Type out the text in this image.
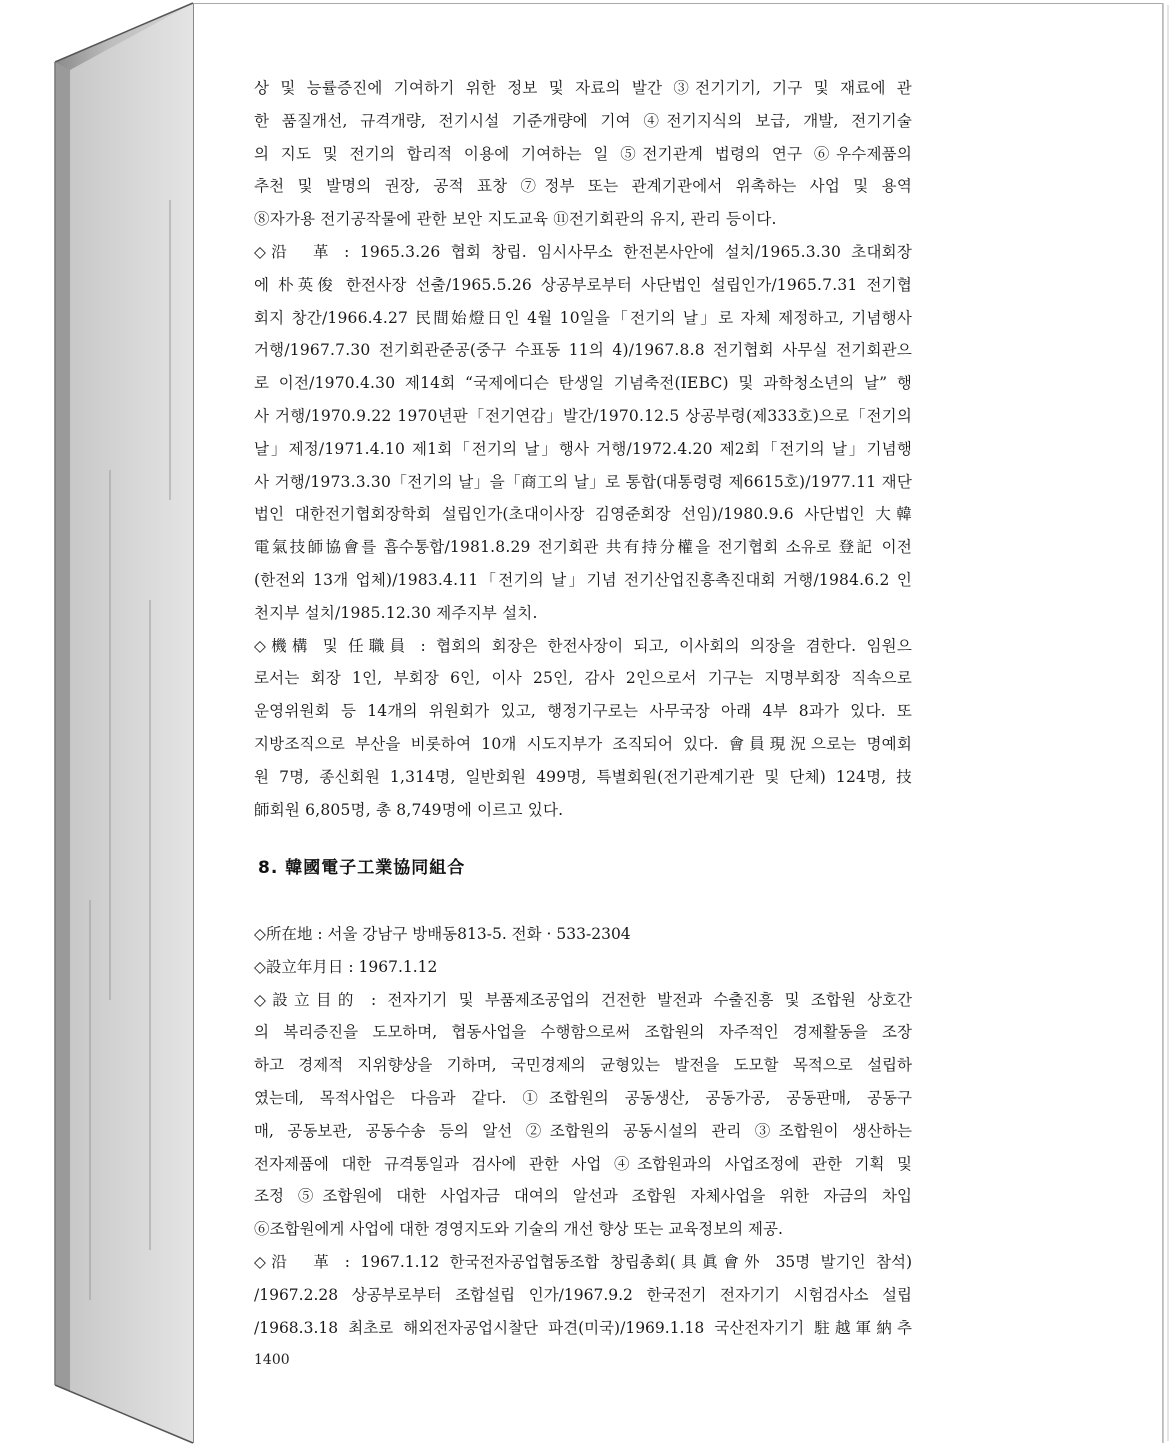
상 및 능률증진에 기여하기 위한 정보 및 자료의 발간 ③전기기기, 기구 및 재료에 관
한 품질개선, 규격개량, 전기시설 기준개량에 기여 ④전기지식의 보급, 개발, 전기기술
의 지도 및 전기의 합리적 이용에 기여하는 일 ⑤전기관계 법령의 연구 ⑥우수제품의
추천 및 발명의 권장, 공적 표창 ⑦정부 또는 관계기관에서 위촉하는 사업 및 용역
⑧자가용 전기공작물에 관한 보안 지도교육 ⑪전기회관의 유지, 관리 등이다.
◇沿　革 : 1965.3.26 협회 창립. 임시사무소 한전본사안에 설치/1965.3.30 초대회장
에 朴英俊 한전사장 선출/1965.5.26 상공부로부터 사단법인 설립인가/1965.7.31 전기협
회지 창간/1966.4.27 民間始燈日인 4월 10일을「전기의 날」로 자체 제정하고, 기념행사
거행/1967.7.30 전기회관준공(중구 수표동 11의 4)/1967.8.8 전기협회 사무실 전기회관으
로 이전/1970.4.30 제14회 “국제에디슨 탄생일 기념축전(IEBC) 및 과학청소년의 날” 행
사 거행/1970.9.22 1970년판「전기연감」발간/1970.12.5 상공부령(제333호)으로「전기의
날」제정/1971.4.10 제1회「전기의 날」행사 거행/1972.4.20 제2회「전기의 날」기념행
사 거행/1973.3.30「전기의 날」을「商工의 날」로 통합(대통령령 제6615호)/1977.11 재단
법인 대한전기협회장학회 설립인가(초대이사장 김영준회장 선임)/1980.9.6 사단법인 大韓
電氣技師協會를 흡수통합/1981.8.29 전기회관 共有持分權을 전기협회 소유로 登記 이전
(한전외 13개 업체)/1983.4.11「전기의 날」기념 전기산업진흥촉진대회 거행/1984.6.2 인
천지부 설치/1985.12.30 제주지부 설치.
◇機構 및 任職員 : 협회의 회장은 한전사장이 되고, 이사회의 의장을 겸한다. 임원으
로서는 회장 1인, 부회장 6인, 이사 25인, 감사 2인으로서 기구는 지명부회장 직속으로
운영위원회 등 14개의 위원회가 있고, 행정기구로는 사무국장 아래 4부 8과가 있다. 또
지방조직으로 부산을 비롯하여 10개 시도지부가 조직되어 있다. 會員現況으로는 명예회
원 7명, 종신회원 1,314명, 일반회원 499명, 특별회원(전기관계기관 및 단체) 124명, 技
師회원 6,805명, 총 8,749명에 이르고 있다.
8. 韓國電子工業協同組合
◇所在地 : 서울 강남구 방배동813-5. 전화 · 533-2304
◇設立年月日 : 1967.1.12
◇設立目的 : 전자기기 및 부품제조공업의 건전한 발전과 수출진흥 및 조합원 상호간
의 복리증진을 도모하며, 협동사업을 수행함으로써 조합원의 자주적인 경제활동을 조장
하고 경제적 지위향상을 기하며, 국민경제의 균형있는 발전을 도모할 목적으로 설립하
였는데, 목적사업은 다음과 같다. ①조합원의 공동생산, 공동가공, 공동판매, 공동구
매, 공동보관, 공동수송 등의 알선 ②조합원의 공동시설의 관리 ③조합원이 생산하는
전자제품에 대한 규격통일과 검사에 관한 사업 ④조합원과의 사업조정에 관한 기획 및
조정 ⑤조합원에 대한 사업자금 대여의 알선과 조합원 자체사업을 위한 자금의 차입
⑥조합원에게 사업에 대한 경영지도와 기술의 개선 향상 또는 교육정보의 제공.
◇沿　革 : 1967.1.12 한국전자공업협동조합 창립총회(具眞會外 35명 발기인 참석)
/1967.2.28 상공부로부터 조합설립 인가/1967.9.2 한국전기 전자기기 시험검사소 설립
/1968.3.18 최초로 해외전자공업시찰단 파견(미국)/1969.1.18 국산전자기기 駐越軍納추
1400
